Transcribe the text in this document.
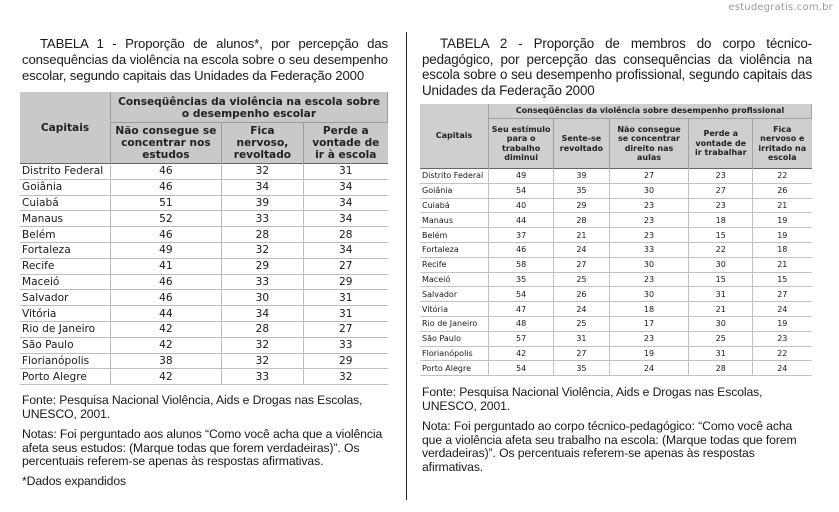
estudegratis.com.br
TABELA 1 - Proporção de alunos*, por percepção das consequências da violência na escola sobre o seu desempenho escolar, segundo capitais das Unidades da Federação 2000
Capitais	Conseqüências da violência na escola sobre o desempenho escolar		
	Não consegue se concentrar nos estudos	Fica nervoso, revoltado	Perde a vontade de ir à escola
Distrito Federal	46	32	31
Goiânia	46	34	34
Cuiabá	51	39	34
Manaus	52	33	34
Belém	46	28	28
Fortaleza	49	32	34
Recife	41	29	27
Maceió	46	33	29
Salvador	46	30	31
Vitória	44	34	31
Rio de Janeiro	42	28	27
São Paulo	42	32	33
Florianópolis	38	32	29
Porto Alegre	42	33	32

Fonte: Pesquisa Nacional Violência, Aids e Drogas nas Escolas, UNESCO, 2001.

Notas: Foi perguntado aos alunos “Como você acha que a violência afeta seus estudos: (Marque todas que forem verdadeiras)”. Os percentuais referem-se apenas às respostas afirmativas.

*Dados expandidos

TABELA 2 - Proporção de membros do corpo técnico-pedagógico, por percepção das consequências da violência na escola sobre o seu desempenho profissional, segundo capitais das Unidades da Federação 2000
Capitais	Conseqüências da violência sobre desempenho profissional				
	Seu estímulo para o trabalho diminui	Sente-se revoltado	Não consegue se concentrar direito nas aulas	Perde a vontade de ir trabalhar	Fica nervoso e irritado na escola
Distrito Federal	49	39	27	23	22
Goiânia	54	35	30	27	26
Cuiabá	40	29	23	23	21
Manaus	44	28	23	18	19
Belém	37	21	23	15	19
Fortaleza	46	24	33	22	18
Recife	58	27	30	30	21
Maceió	35	25	23	15	15
Salvador	54	26	30	31	27
Vitória	47	24	18	21	24
Rio de Janeiro	48	25	17	30	19
São Paulo	57	31	23	25	23
Florianópolis	42	27	19	31	22
Porto Alegre	54	35	24	28	24

Fonte: Pesquisa Nacional Violência, Aids e Drogas nas Escolas, UNESCO, 2001.

Nota: Foi perguntado ao corpo técnico-pedagógico: “Como você acha que a violência afeta seu trabalho na escola: (Marque todas que forem verdadeiras)”. Os percentuais referem-se apenas às respostas afirmativas.
